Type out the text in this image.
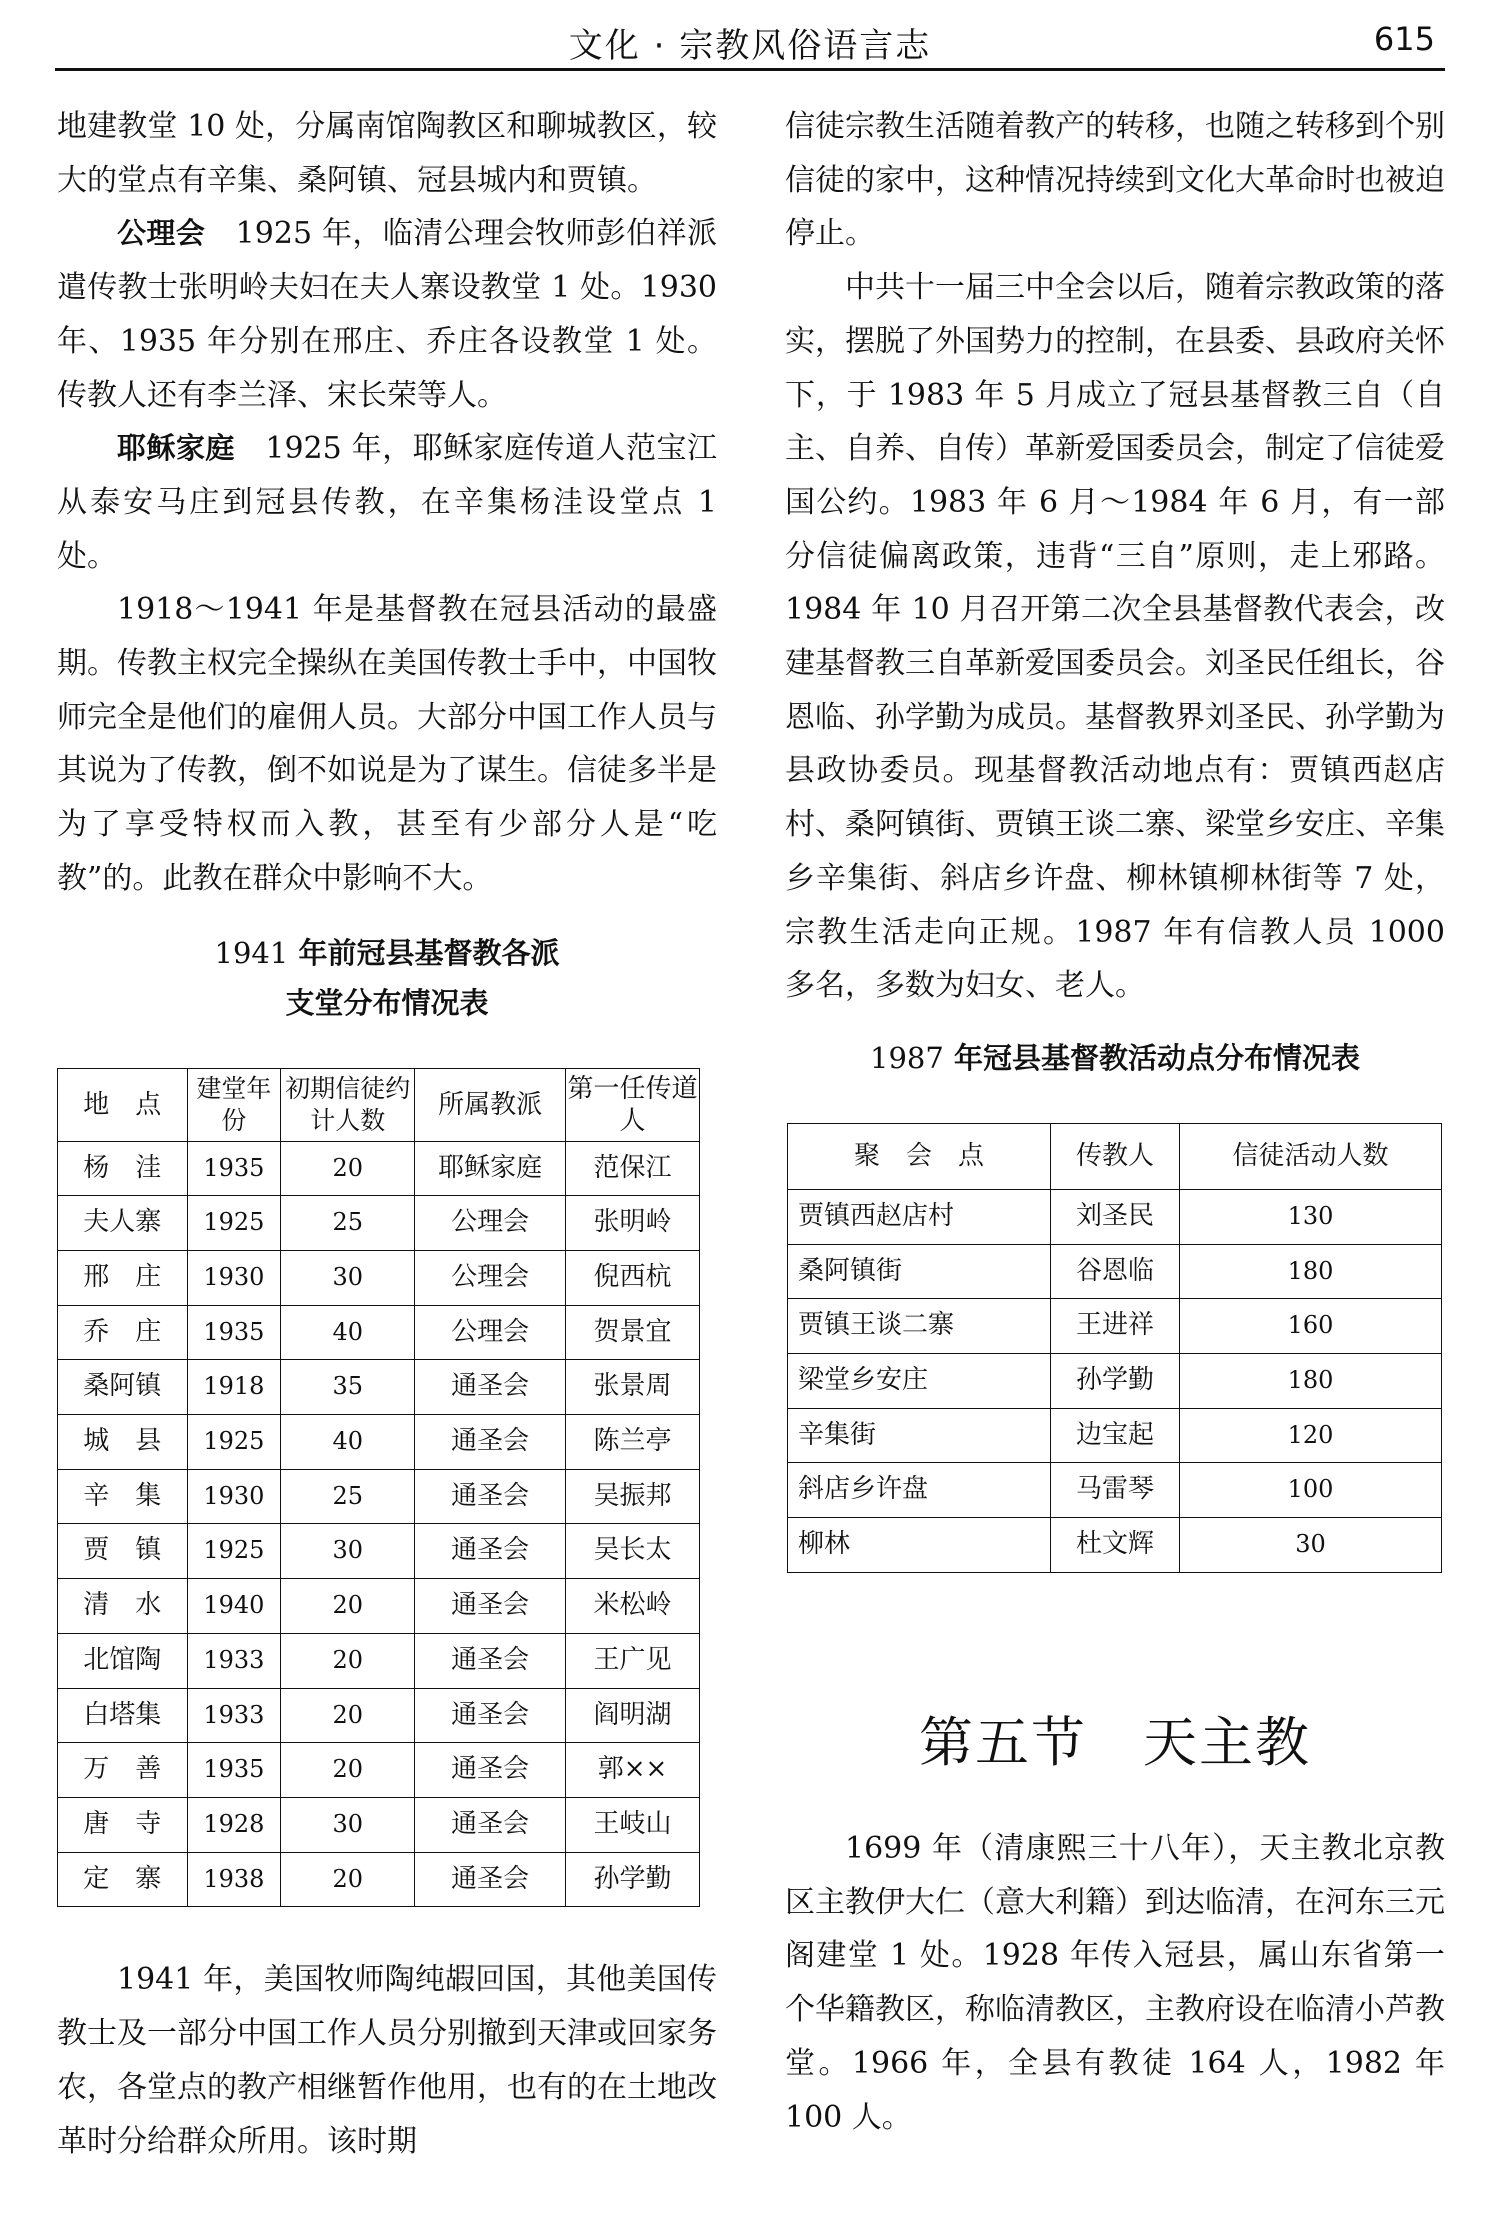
文化 · 宗教风俗语言志	615

地建教堂 10 处，分属南馆陶教区和聊城教区，较大的堂点有辛集、桑阿镇、冠县城内和贾镇。

公理会　1925 年，临清公理会牧师彭伯祥派遣传教士张明岭夫妇在夫人寨设教堂 1 处。1930 年、1935 年分别在邢庄、乔庄各设教堂 1 处。传教人还有李兰泽、宋长荣等人。

耶稣家庭　1925 年，耶稣家庭传道人范宝江从泰安马庄到冠县传教，在辛集杨洼设堂点 1 处。

1918～1941 年是基督教在冠县活动的最盛期。传教主权完全操纵在美国传教士手中，中国牧师完全是他们的雇佣人员。大部分中国工作人员与其说为了传教，倒不如说是为了谋生。信徒多半是为了享受特权而入教，甚至有少部分人是“吃教”的。此教在群众中影响不大。

1941 年前冠县基督教各派
支堂分布情况表
地　点	建堂年份	初期信徒约计人数	所属教派	第一任传道人
杨　洼	1935	20	耶稣家庭	范保江
夫人寨	1925	25	公理会	张明岭
邢　庄	1930	30	公理会	倪西杭
乔　庄	1935	40	公理会	贺景宜
桑阿镇	1918	35	通圣会	张景周
城　县	1925	40	通圣会	陈兰亭
辛　集	1930	25	通圣会	吴振邦
贾　镇	1925	30	通圣会	吴长太
清　水	1940	20	通圣会	米松岭
北馆陶	1933	20	通圣会	王广见
白塔集	1933	20	通圣会	阎明湖
万　善	1935	20	通圣会	郭××
唐　寺	1928	30	通圣会	王岐山
定　寨	1938	20	通圣会	孙学勤

1941 年，美国牧师陶纯嘏回国，其他美国传教士及一部分中国工作人员分别撤到天津或回家务农，各堂点的教产相继暂作他用，也有的在土地改革时分给群众所用。该时期

信徒宗教生活随着教产的转移，也随之转移到个别信徒的家中，这种情况持续到文化大革命时也被迫停止。

中共十一届三中全会以后，随着宗教政策的落实，摆脱了外国势力的控制，在县委、县政府关怀下，于 1983 年 5 月成立了冠县基督教三自（自主、自养、自传）革新爱国委员会，制定了信徒爱国公约。1983 年 6 月～1984 年 6 月，有一部分信徒偏离政策，违背“三自”原则，走上邪路。1984 年 10 月召开第二次全县基督教代表会，改建基督教三自革新爱国委员会。刘圣民任组长，谷恩临、孙学勤为成员。基督教界刘圣民、孙学勤为县政协委员。现基督教活动地点有：贾镇西赵店村、桑阿镇街、贾镇王谈二寨、梁堂乡安庄、辛集乡辛集街、斜店乡许盘、柳林镇柳林街等 7 处，宗教生活走向正规。1987 年有信教人员 1000 多名，多数为妇女、老人。

1987 年冠县基督教活动点分布情况表
聚　会　点	传教人	信徒活动人数
贾镇西赵店村	刘圣民	130
桑阿镇街	谷恩临	180
贾镇王谈二寨	王进祥	160
梁堂乡安庄	孙学勤	180
辛集街	边宝起	120
斜店乡许盘	马雷琴	100
柳林	杜文辉	30
第五节　天主教

1699 年（清康熙三十八年），天主教北京教区主教伊大仁（意大利籍）到达临清，在河东三元阁建堂 1 处。1928 年传入冠县，属山东省第一个华籍教区，称临清教区，主教府设在临清小芦教堂。1966 年，全县有教徒 164 人，1982 年 100 人。
